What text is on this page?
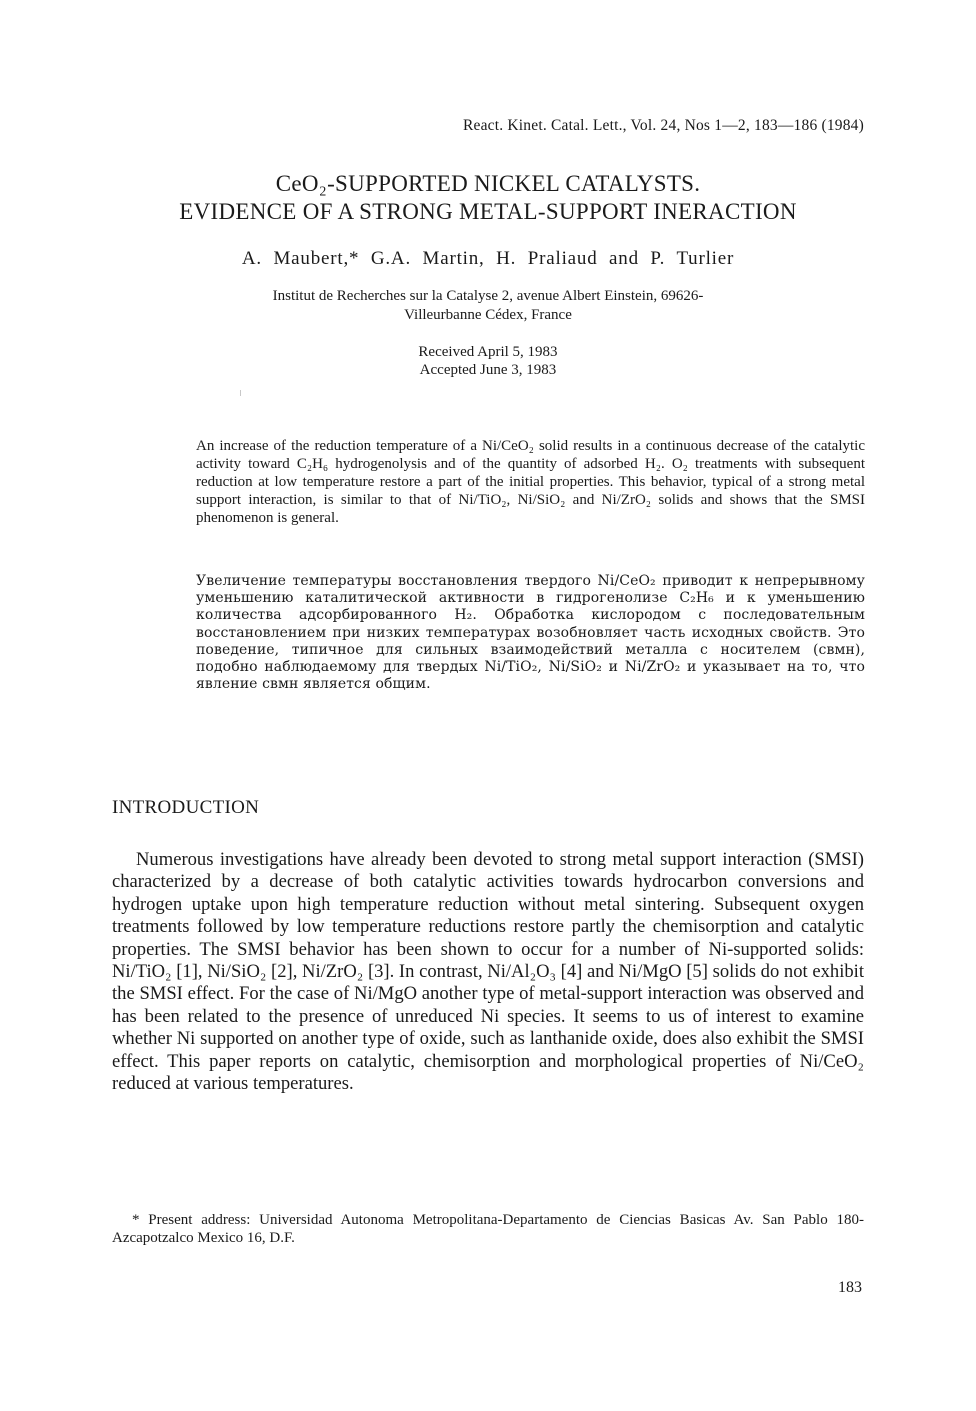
React. Kinet. Catal. Lett., Vol. 24, Nos 1—2, 183—186 (1984)
CeO₂-SUPPORTED NICKEL CATALYSTS.
EVIDENCE OF A STRONG METAL-SUPPORT INERACTION
A. Maubert,* G.A. Martin, H. Praliaud and P. Turlier
Institut de Recherches sur la Catalyse 2, avenue Albert Einstein, 69626-
Villeurbanne Cédex, France
Received April 5, 1983
Accepted June 3, 1983
An increase of the reduction temperature of a Ni/CeO₂ solid results in a continuous decrease of the catalytic activity toward C₂H₆ hydrogenolysis and of the quantity of adsorbed H₂. O₂ treatments with subsequent reduction at low temperature restore a part of the initial properties. This behavior, typical of a strong metal support interaction, is similar to that of Ni/TiO₂, Ni/SiO₂ and Ni/ZrO₂ solids and shows that the SMSI phenomenon is general.
Увеличение температуры восстановления твердого Ni/CeO₂ приводит к непрерывному уменьшению каталитической активности в гидрогенолизе C₂H₆ и к уменьшению количества адсорбированного H₂. Обработка кислородом с последовательным восстановлением при низких температурах возобновляет часть исходных свойств. Это поведение, типичное для сильных взаимодействий металла с носителем (свмн), подобно наблюдаемому для твердых Ni/TiO₂, Ni/SiO₂ и Ni/ZrO₂ и указывает на то, что явление свмн является общим.
INTRODUCTION

Numerous investigations have already been devoted to strong metal support interaction (SMSI) characterized by a decrease of both catalytic activities towards hydrocarbon conversions and hydrogen uptake upon high temperature reduction without metal sintering. Subsequent oxygen treatments followed by low temperature reductions restore partly the chemisorption and catalytic properties. The SMSI behavior has been shown to occur for a number of Ni-supported solids: Ni/TiO₂ [1], Ni/SiO₂ [2], Ni/ZrO₂ [3]. In contrast, Ni/Al₂O₃ [4] and Ni/MgO [5] solids do not exhibit the SMSI effect. For the case of Ni/MgO another type of metal-support interaction was observed and has been related to the presence of unreduced Ni species. It seems to us of interest to examine whether Ni supported on another type of oxide, such as lanthanide oxide, does also exhibit the SMSI effect. This paper reports on catalytic, chemisorption and morphological properties of Ni/CeO₂ reduced at various temperatures.

* Present address: Universidad Autonoma Metropolitana-Departamento de Ciencias Basicas Av. San Pablo 180-Azcapotzalco Mexico 16, D.F.

183
